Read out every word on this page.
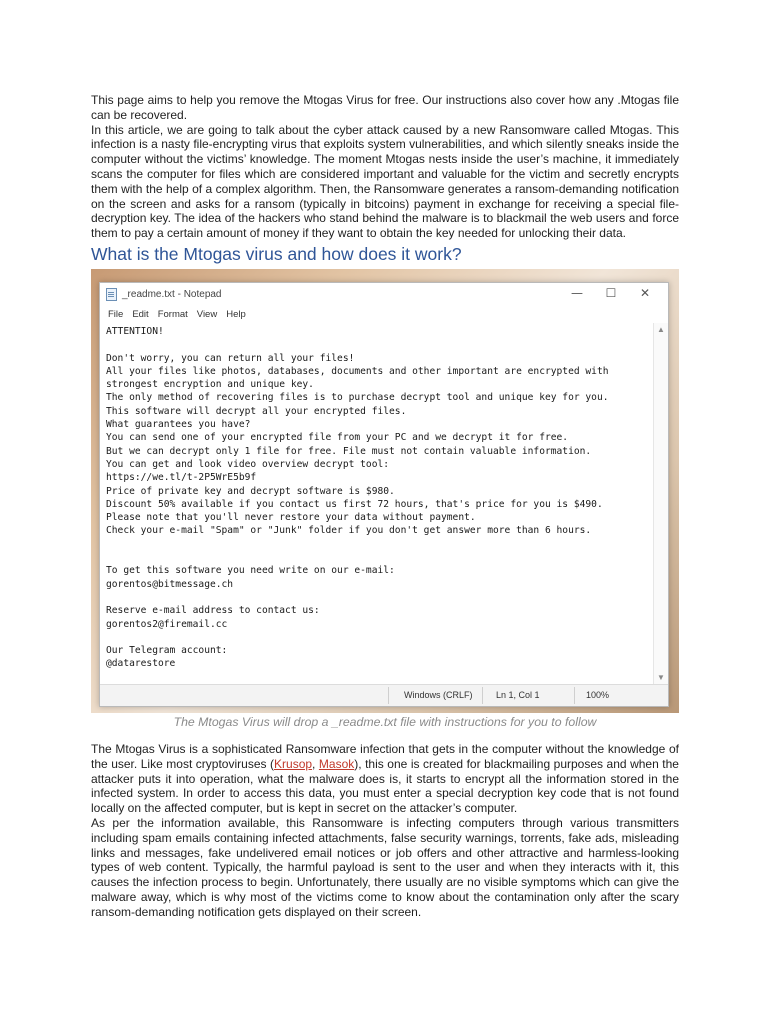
This page aims to help you remove the Mtogas Virus for free. Our instructions also cover how any .Mtogas file can be recovered.

In this article, we are going to talk about the cyber attack caused by a new Ransomware called Mtogas. This infection is a nasty file-encrypting virus that exploits system vulnerabilities, and which silently sneaks inside the computer without the victims’ knowledge. The moment Mtogas nests inside the user’s machine, it immediately scans the computer for files which are considered important and valuable for the victim and secretly encrypts them with the help of a complex algorithm. Then, the Ransomware generates a ransom-demanding notification on the screen and asks for a ransom (typically in bitcoins) payment in exchange for receiving a special file-decryption key. The idea of the hackers who stand behind the malware is to blackmail the web users and force them to pay a certain amount of money if they want to obtain the key needed for unlocking their data.

What is the Mtogas virus and how does it work?
_readme.txt - Notepad	—	☐	✕
File Edit Format View Help
ATTENTION!
Don't worry, you can return all your files!
All your files like photos, databases, documents and other important are encrypted with
strongest encryption and unique key.
The only method of recovering files is to purchase decrypt tool and unique key for you.
This software will decrypt all your encrypted files.
What guarantees you have?
You can send one of your encrypted file from your PC and we decrypt it for free.
But we can decrypt only 1 file for free. File must not contain valuable information.
You can get and look video overview decrypt tool:
https://we.tl/t-2P5WrE5b9f
Price of private key and decrypt software is $980.
Discount 50% available if you contact us first 72 hours, that's price for you is $490.
Please note that you'll never restore your data without payment.
Check your e-mail "Spam" or "Junk" folder if you don't get answer more than 6 hours.
To get this software you need write on our e-mail:
gorentos@bitmessage.ch
Reserve e-mail address to contact us:
gorentos2@firemail.cc
Our Telegram account:
@datarestore
▲
▼
Windows (CRLF)	Ln 1, Col 1	100%

The Mtogas Virus will drop a _readme.txt file with instructions for you to follow

The Mtogas Virus is a sophisticated Ransomware infection that gets in the computer without the knowledge of the user. Like most cryptoviruses (Krusop, Masok), this one is created for blackmailing purposes and when the attacker puts it into operation, what the malware does is, it starts to encrypt all the information stored in the infected system. In order to access this data, you must enter a special decryption key code that is not found locally on the affected computer, but is kept in secret on the attacker’s computer.

As per the information available, this Ransomware is infecting computers through various transmitters including spam emails containing infected attachments, false security warnings, torrents, fake ads, misleading links and messages, fake undelivered email notices or job offers and other attractive and harmless-looking types of web content. Typically, the harmful payload is sent to the user and when they interacts with it, this causes the infection process to begin. Unfortunately, there usually are no visible symptoms which can give the malware away, which is why most of the victims come to know about the contamination only after the scary ransom-demanding notification gets displayed on their screen.
